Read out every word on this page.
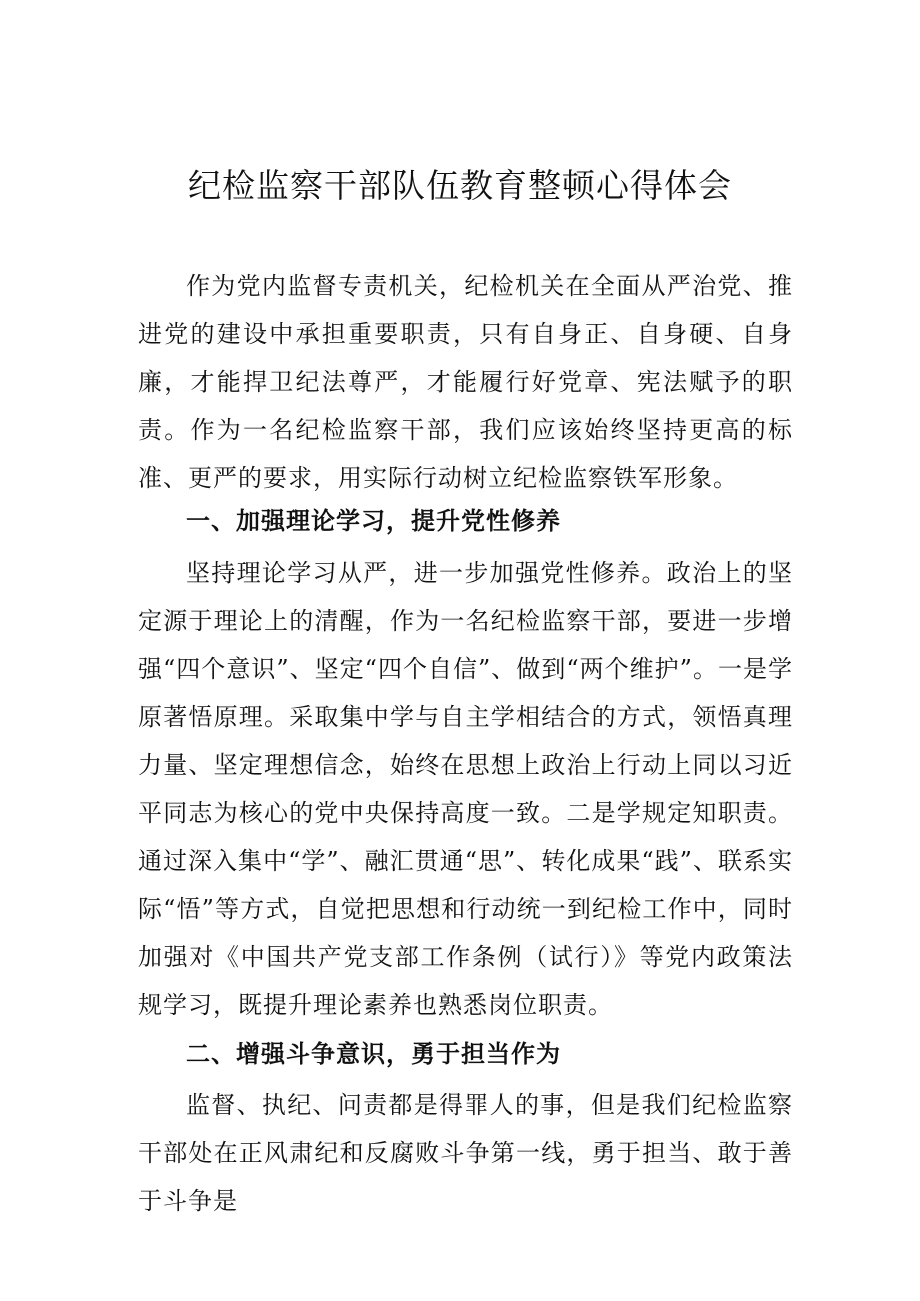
纪检监察干部队伍教育整顿心得体会

作为党内监督专责机关，纪检机关在全面从严治党、推进党的建设中承担重要职责，只有自身正、自身硬、自身廉，才能捍卫纪法尊严，才能履行好党章、宪法赋予的职责。作为一名纪检监察干部，我们应该始终坚持更高的标准、更严的要求，用实际行动树立纪检监察铁军形象。

一、加强理论学习，提升党性修养

坚持理论学习从严，进一步加强党性修养。政治上的坚定源于理论上的清醒，作为一名纪检监察干部，要进一步增强“四个意识”、坚定“四个自信”、做到“两个维护”。一是学原著悟原理。采取集中学与自主学相结合的方式，领悟真理力量、坚定理想信念，始终在思想上政治上行动上同以习近平同志为核心的党中央保持高度一致。二是学规定知职责。通过深入集中“学”、融汇贯通“思”、转化成果“践”、联系实际“悟”等方式，自觉把思想和行动统一到纪检工作中，同时加强对《中国共产党支部工作条例（试行）》等党内政策法规学习，既提升理论素养也熟悉岗位职责。

二、增强斗争意识，勇于担当作为

监督、执纪、问责都是得罪人的事，但是我们纪检监察干部处在正风肃纪和反腐败斗争第一线，勇于担当、敢于善于斗争是
